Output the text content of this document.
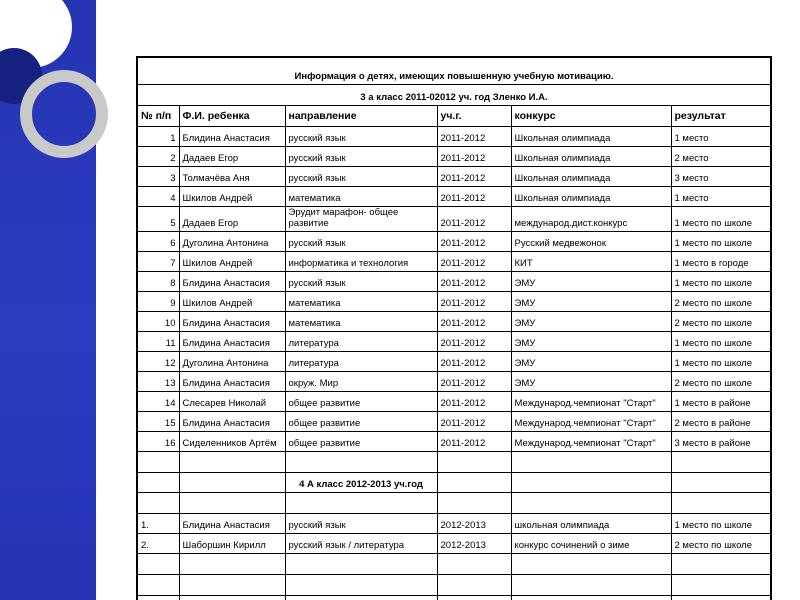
Информация о детях, имеющих повышенную учебную мотивацию.					
3 а класс 2011-02012 уч. год Зленко И.А.					
№ п/п	Ф.И. ребенка	направление	уч.г.	конкурс	результат
1	Блидина Анастасия	русский язык	2011-2012	Школьная олимпиада	1 место
2	Дадаев Егор	русский язык	2011-2012	Школьная олимпиада	2 место
3	Толмачёва Аня	русский язык	2011-2012	Школьная олимпиада	3 место
4	Шкилов Андрей	математика	2011-2012	Школьная олимпиада	1 место
5	Дадаев Егор	Эрудит марафон- общее развитие	2011-2012	международ.дист.конкурс	1 место по школе
6	Дуголина Антонина	русский язык	2011-2012	Русский медвежонок	1 место по школе
7	Шкилов Андрей	информатика и технология	2011-2012	КИТ	1 место в городе
8	Блидина Анастасия	русский язык	2011-2012	ЭМУ	1 место по школе
9	Шкилов Андрей	математика	2011-2012	ЭМУ	2 место по школе
10	Блидина Анастасия	математика	2011-2012	ЭМУ	2 место по школе
11	Блидина Анастасия	литература	2011-2012	ЭМУ	1 место по школе
12	Дуголина Антонина	литература	2011-2012	ЭМУ	1 место по школе
13	Блидина Анастасия	окруж. Мир	2011-2012	ЭМУ	2 место по школе
14	Слесарев Николай	общее развитие	2011-2012	Международ.чемпионат "Старт"	1 место в районе
15	Блидина Анастасия	общее развитие	2011-2012	Международ.чемпионат "Старт"	2 место в районе
16	Сиделенников Артём	общее развитие	2011-2012	Международ.чемпионат "Старт"	3 место в районе

		4 А класс 2012-2013 уч.год			

1.	Блидина Анастасия	русский язык	2012-2013	школьная олимпиада	1 место по школе
2.	Шаборшин Кирилл	русский язык / литература	2012-2013	конкурс сочинений о зиме	2 место по школе
